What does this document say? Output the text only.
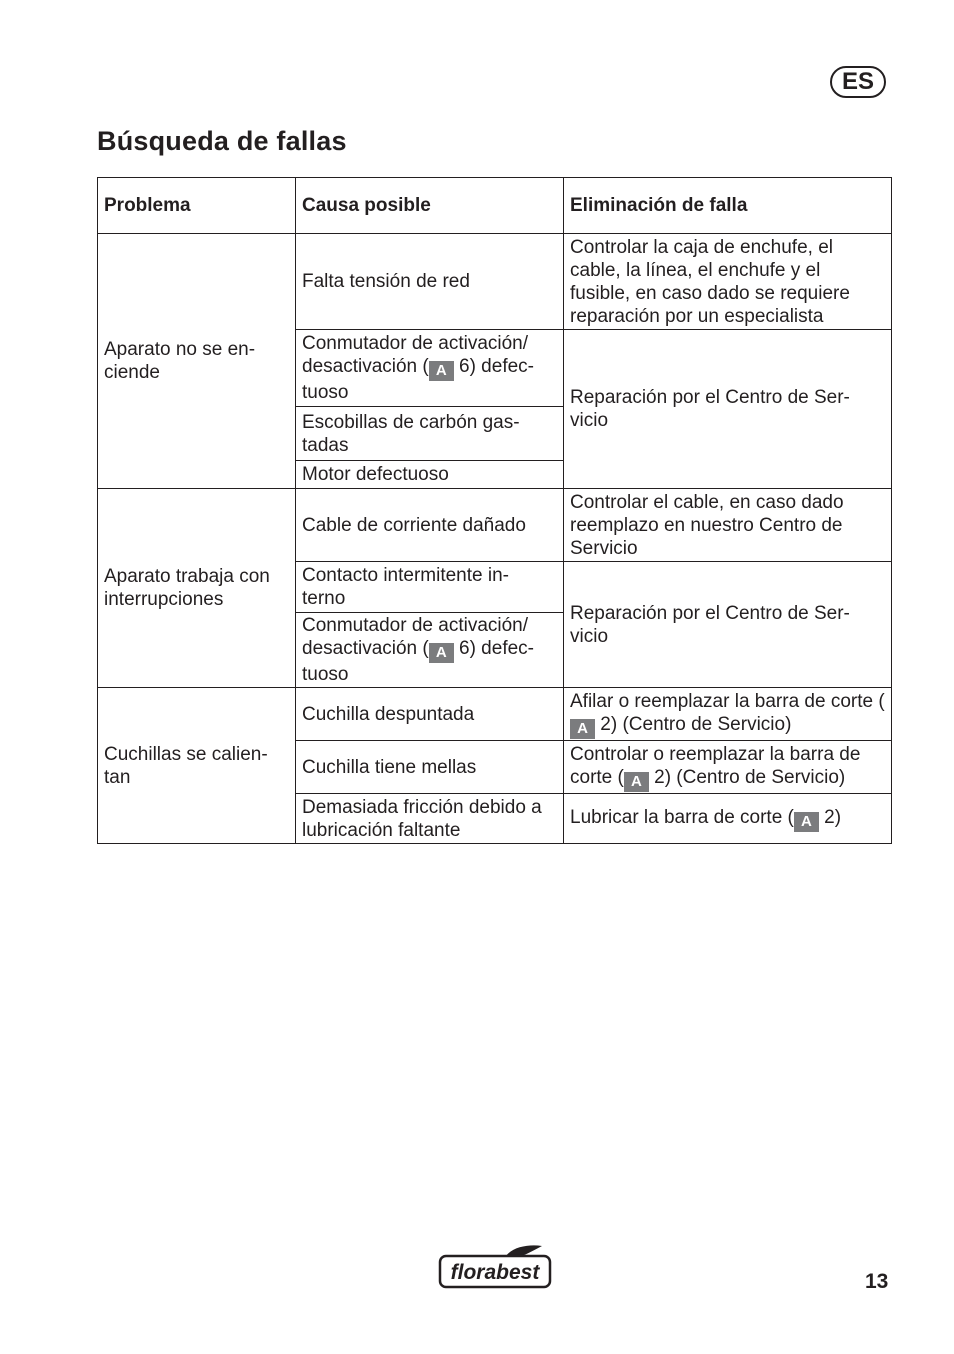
ES
Búsqueda de fallas
Problema	Causa posible	Eliminación de falla
Aparato no se en- ciende	Falta tensión de red	Controlar la caja de enchufe, el cable, la línea, el enchufe y el fusible, en caso dado se requiere reparación por un especialista
	Conmutador de activación/ desactivación ( A 6) defec- tuoso	Reparación por el Centro de Ser- vicio
	Escobillas de carbón gas- tadas	
	Motor defectuoso	
Aparato trabaja con interrupciones	Cable de corriente dañado	Controlar el cable, en caso dado reemplazo en nuestro Centro de Servicio
	Contacto intermitente in- terno	Reparación por el Centro de Ser- vicio
	Conmutador de activación/ desactivación ( A 6) defec- tuoso	
Cuchillas se calien- tan	Cuchilla despuntada	Afilar o reemplazar la barra de corte (A 2) (Centro de Servicio)
	Cuchilla tiene mellas	Controlar o reemplazar la barra de corte ( A 2) (Centro de Servicio)
	Demasiada fricción debido a lubricación faltante	Lubricar la barra de corte ( A 2)
florabest	13
